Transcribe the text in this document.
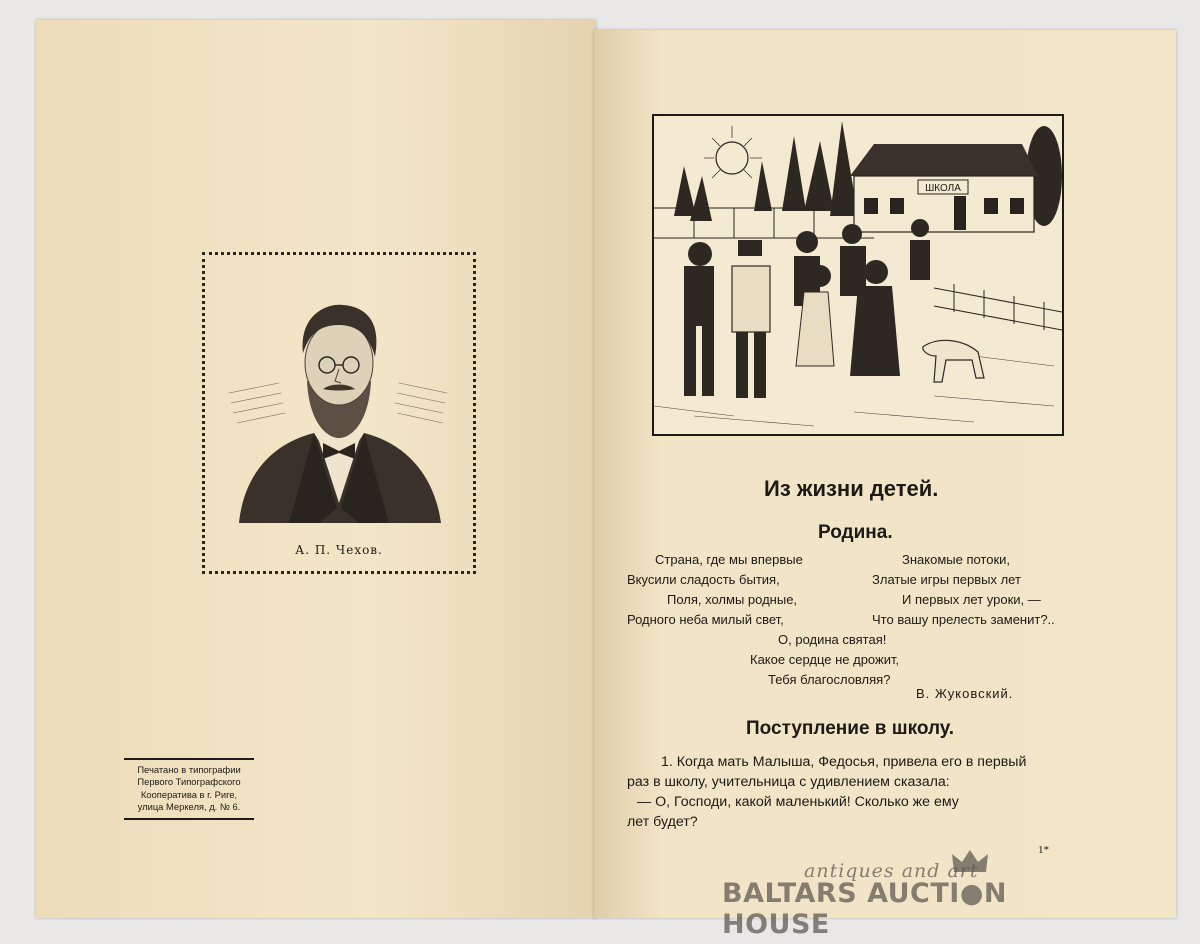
А. П. Чехов.
Печатано в типографии
Первого Типографского
Кооператива в г. Риге,
улица Меркеля, д. № 6.
ШКОЛА
Из жизни детей.
Родина.
Страна, где мы впервые
Вкусили сладость бытия,
Поля, холмы родные,
Родного неба милый свет,
Знакомые потоки,
Златые игры первых лет
И первых лет уроки, —
Что вашу прелесть заменит?..
О, родина святая!
Какое сердце не дрожит,
Тебя благословляя?
В. Жуковский.
Поступление в школу.
1. Когда мать Малыша, Федосья, привела его в первый
раз в школу, учительница с удивлением сказала:
— О, Господи, какой маленький! Сколько же ему
лет будет?
1*
antiques and art
BALTARS AUCTI●N HOUSE
